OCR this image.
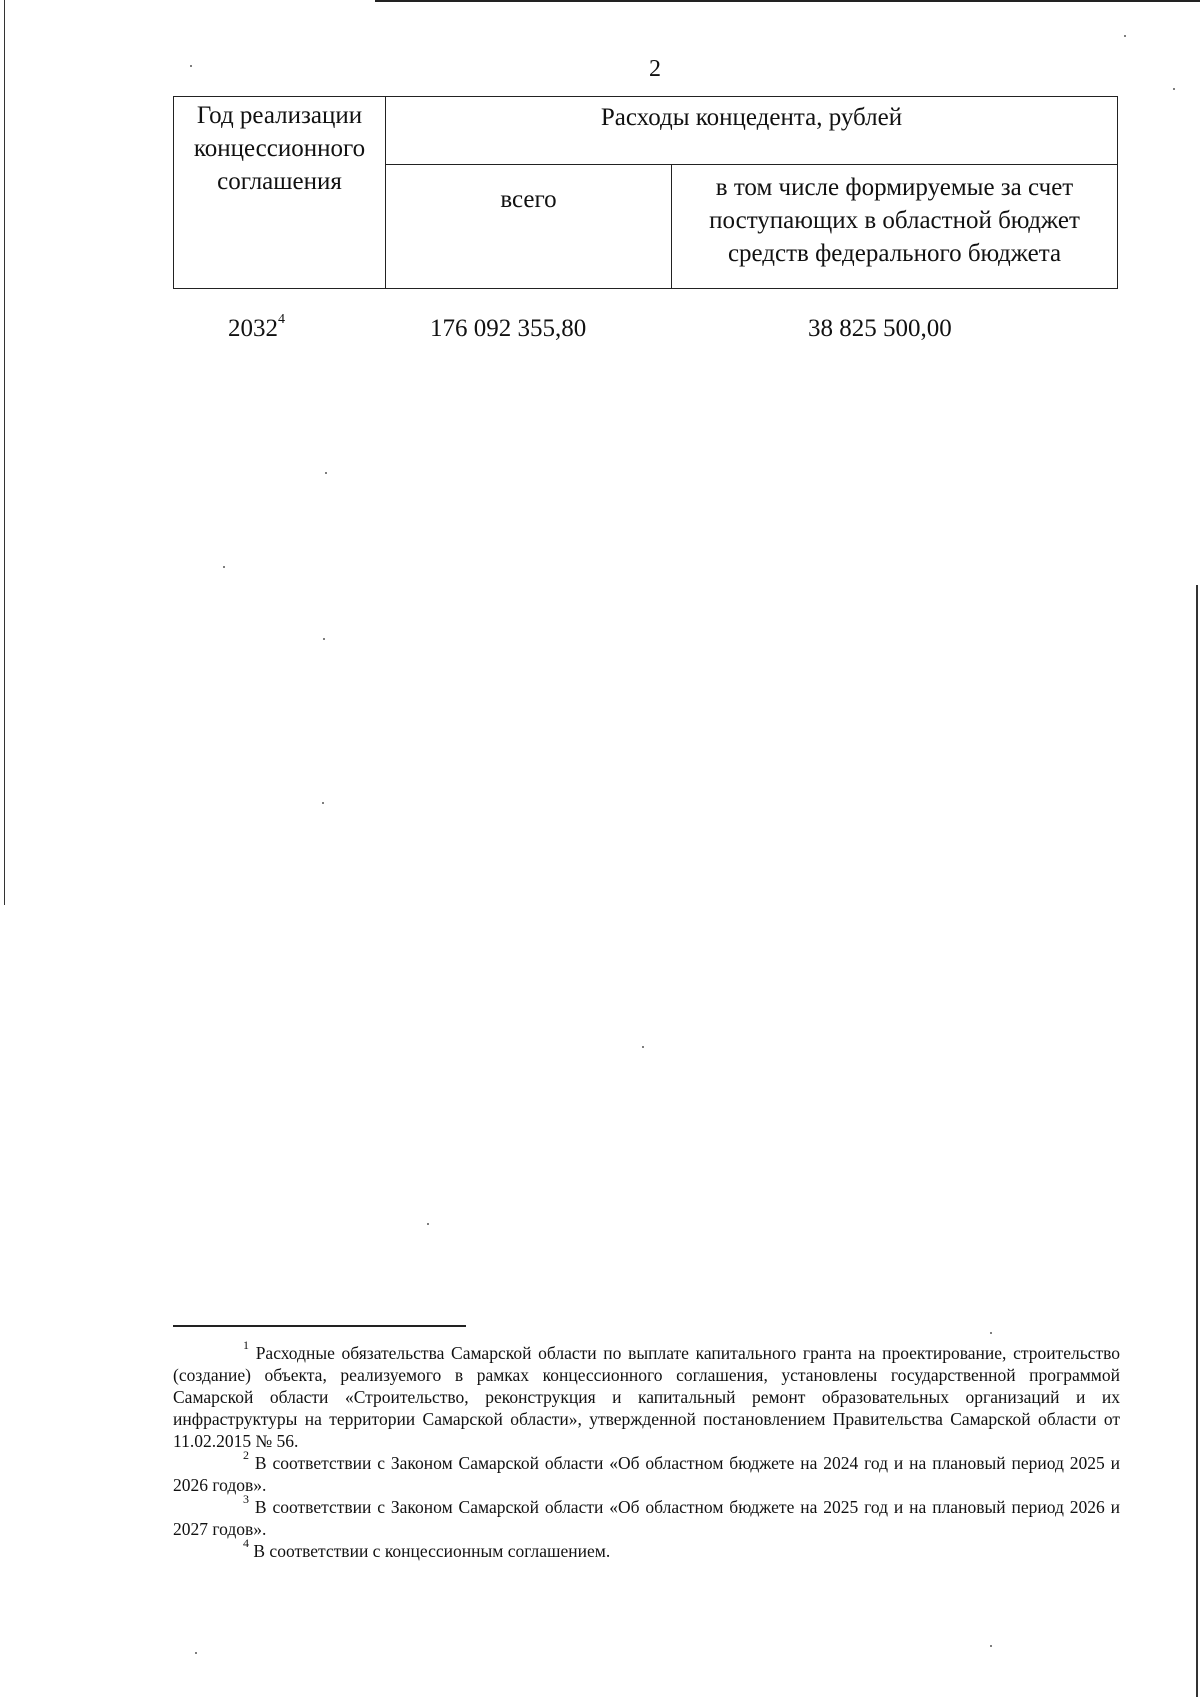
2
Год реализации концессионного соглашения	Расходы концедента, рублей	
	всего	в том числе формируемые за счет поступающих в областной бюджет средств федерального бюджета
2032$^4$	176 092 355,80	38 825 500,00

$^1$ Расходные обязательства Самарской области по выплате капитального гранта на проектирование, строительство (создание) объекта, реализуемого в рамках концессионного соглашения, установлены государственной программой Самарской области «Строительство, реконструкция и капитальный ремонт образовательных организаций и их инфраструктуры на территории Самарской области», утвержденной постановлением Правительства Самарской области от 11.02.2015 № 56.

$^2$ В соответствии с Законом Самарской области «Об областном бюджете на 2024 год и на плановый период 2025 и 2026 годов».

$^3$ В соответствии с Законом Самарской области «Об областном бюджете на 2025 год и на плановый период 2026 и 2027 годов».

$^4$ В соответствии с концессионным соглашением.
